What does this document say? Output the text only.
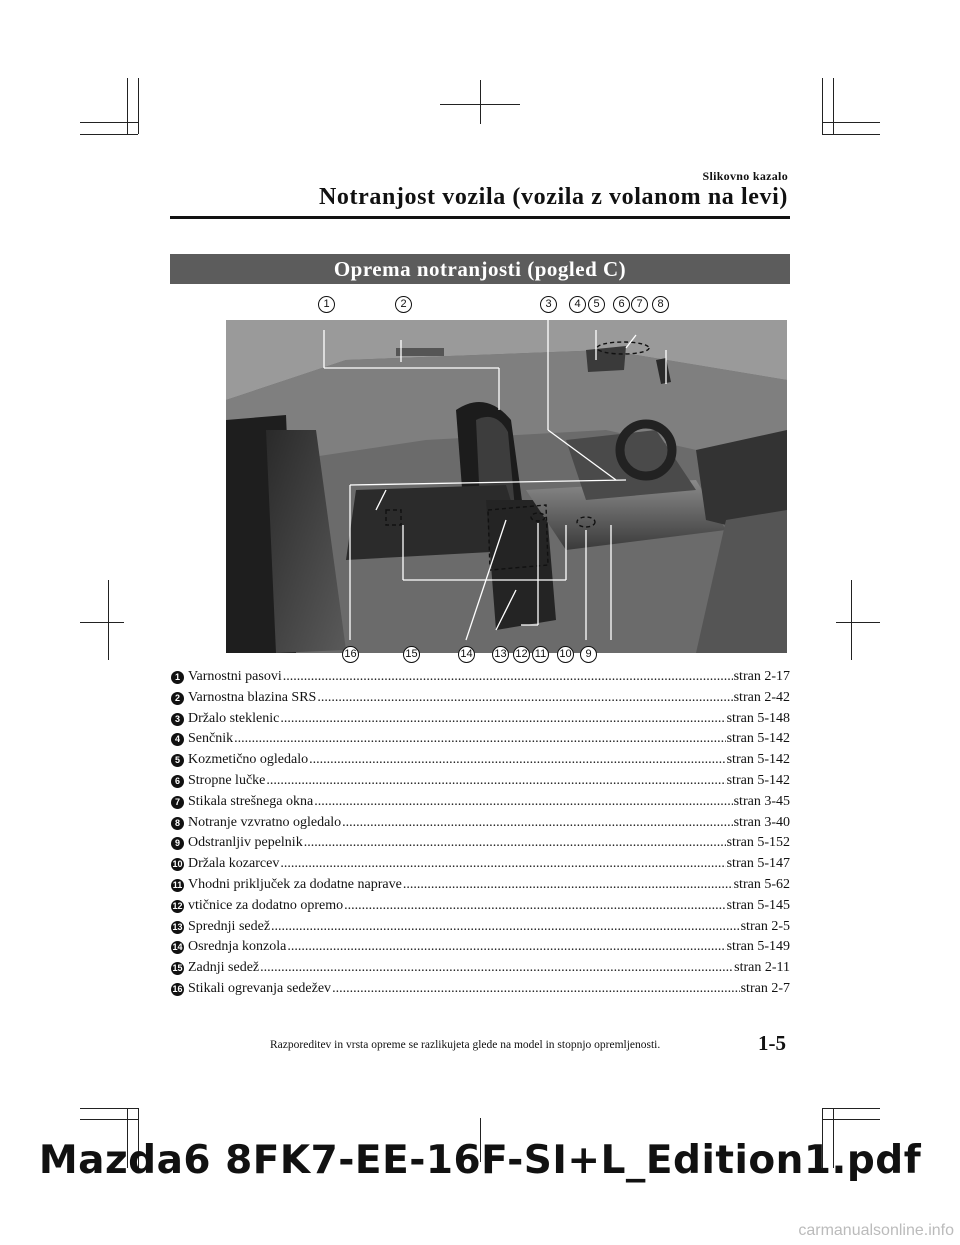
Slikovno kazalo
Notranjost vozila (vozila z volanom na levi)
Oprema notranjosti (pogled C)
1	2	3	4	5	6	7	8
16	15	14 13 12 11 10	9
1 Varnostni pasovi .....	stran 2-17
2 Varnostna blazina SRS .....	stran 2-42
3 Držalo steklenic .....	stran 5-148
4 Senčnik .....	stran 5-142
5 Kozmetično ogledalo .....	stran 5-142
6 Stropne lučke .....	stran 5-142
7 Stikala strešnega okna .....	stran 3-45
8 Notranje vzvratno ogledalo .....	stran 3-40
9 Odstranljiv pepelnik .....	stran 5-152
10 Držala kozarcev .....	stran 5-147
11 Vhodni priključek za dodatne naprave .....	stran 5-62
12 vtičnice za dodatno opremo .....	stran 5-145
13 Sprednji sedež .....	stran 2-5
14 Osrednja konzola .....	stran 5-149
15 Zadnji sedež .....	stran 2-11
16 Stikali ogrevanja sedežev .....	stran 2-7
Razporeditev in vrsta opreme se razlikujeta glede na model in stopnjo opremljenosti.	1-5
Mazda6 8FK7-EE-16F-SI+L_Edition1.pdf
carmanualsonline.info
